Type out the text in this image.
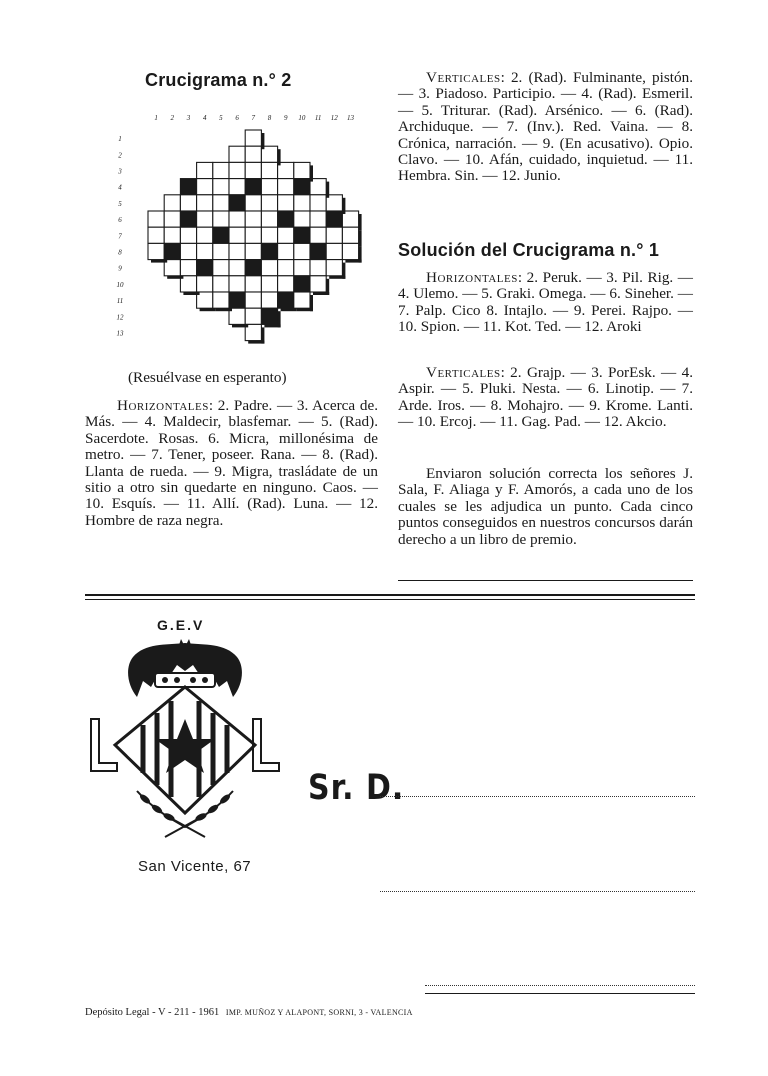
Crucigrama n.° 2
1 2 3 4 5 6 7 8 9 10 11 12 13
1
2
3
4
5
6
7
8
9
10
11
12
13
(Resuélvase en esperanto)
Horizontales: 2. Padre. — 3. Acerca de. Más. — 4. Maldecir, blasfemar. — 5. (Rad). Sacerdote. Rosas. 6. Micra, millonésima de metro. — 7. Tener, poseer. Rana. — 8. (Rad). Llanta de rueda. — 9. Migra, trasládate de un sitio a otro sin quedarte en ninguno. Caos. — 10. Esquís. — 11. Allí. (Rad). Luna. — 12. Hombre de raza negra.
Verticales: 2. (Rad). Fulminante, pistón. — 3. Piadoso. Participio. — 4. (Rad). Esmeril. — 5. Triturar. (Rad). Arsénico. — 6. (Rad). Archiduque. — 7. (Inv.). Red. Vaina. — 8. Crónica, narración. — 9. (En acusativo). Opio. Clavo. — 10. Afán, cuidado, inquietud. — 11. Hembra. Sin. — 12. Junio.
Solución del Crucigrama n.° 1
Horizontales: 2. Peruk. — 3. Pil. Rig. — 4. Ulemo. — 5. Graki. Omega. — 6. Sineher. — 7. Palp. Cico 8. Intajlo. — 9. Perei. Rajpo. — 10. Spion. — 11. Kot. Ted. — 12. Aroki
Verticales: 2. Grajp. — 3. PorEsk. — 4. Aspir. — 5. Pluki. Nesta. — 6. Linotip. — 7. Arde. Iros. — 8. Mohajro. — 9. Krome. Lanti. — 10. Ercoj. — 11. Gag. Pad. — 12. Akcio.
Enviaron solución correcta los señores J. Sala, F. Aliaga y F. Amorós, a cada uno de los cuales se les adjudica un punto. Cada cinco puntos conseguidos en nuestros concursos darán derecho a un libro de premio.
G.E.V
San Vicente, 67
Sr. D.
Depósito Legal - V - 211 - 1961 IMP. MUÑOZ Y ALAPONT, SORNI, 3 - VALENCIA
